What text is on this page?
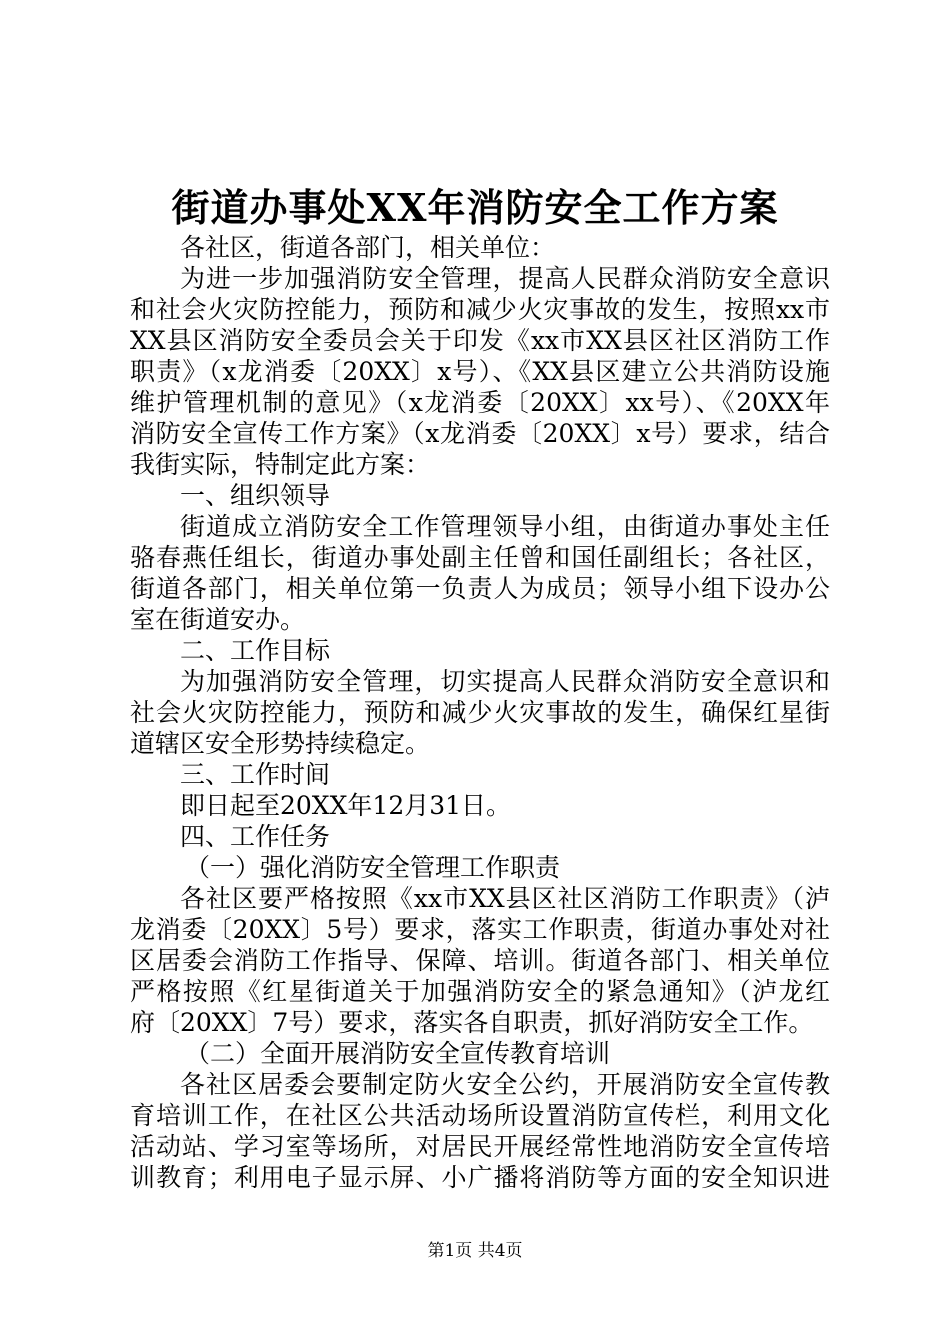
街道办事处XX年消防安全工作方案
各社区，街道各部门，相关单位：
为进一步加强消防安全管理，提高人民群众消防安全意识
和社会火灾防控能力，预防和减少火灾事故的发生，按照xx市
XX县区消防安全委员会关于印发《xx市XX县区社区消防工作
职责》（x龙消委〔20XX〕x号）、《XX县区建立公共消防设施
维护管理机制的意见》（x龙消委〔20XX〕xx号）、《20XX年
消防安全宣传工作方案》（x龙消委〔20XX〕x号）要求，结合
我街实际，特制定此方案：
一、组织领导
街道成立消防安全工作管理领导小组，由街道办事处主任
骆春燕任组长，街道办事处副主任曾和国任副组长；各社区，
街道各部门，相关单位第一负责人为成员；领导小组下设办公
室在街道安办。
二、工作目标
为加强消防安全管理，切实提高人民群众消防安全意识和
社会火灾防控能力，预防和减少火灾事故的发生，确保红星街
道辖区安全形势持续稳定。
三、工作时间
即日起至20XX年12月31日。
四、工作任务
（一）强化消防安全管理工作职责
各社区要严格按照《xx市XX县区社区消防工作职责》（泸
龙消委〔20XX〕5号）要求，落实工作职责，街道办事处对社
区居委会消防工作指导、保障、培训。街道各部门、相关单位
严格按照《红星街道关于加强消防安全的紧急通知》（泸龙红
府〔20XX〕7号）要求，落实各自职责，抓好消防安全工作。
（二）全面开展消防安全宣传教育培训
各社区居委会要制定防火安全公约，开展消防安全宣传教
育培训工作，在社区公共活动场所设置消防宣传栏，利用文化
活动站、学习室等场所，对居民开展经常性地消防安全宣传培
训教育；利用电子显示屏、小广播将消防等方面的安全知识进
第1页 共4页
